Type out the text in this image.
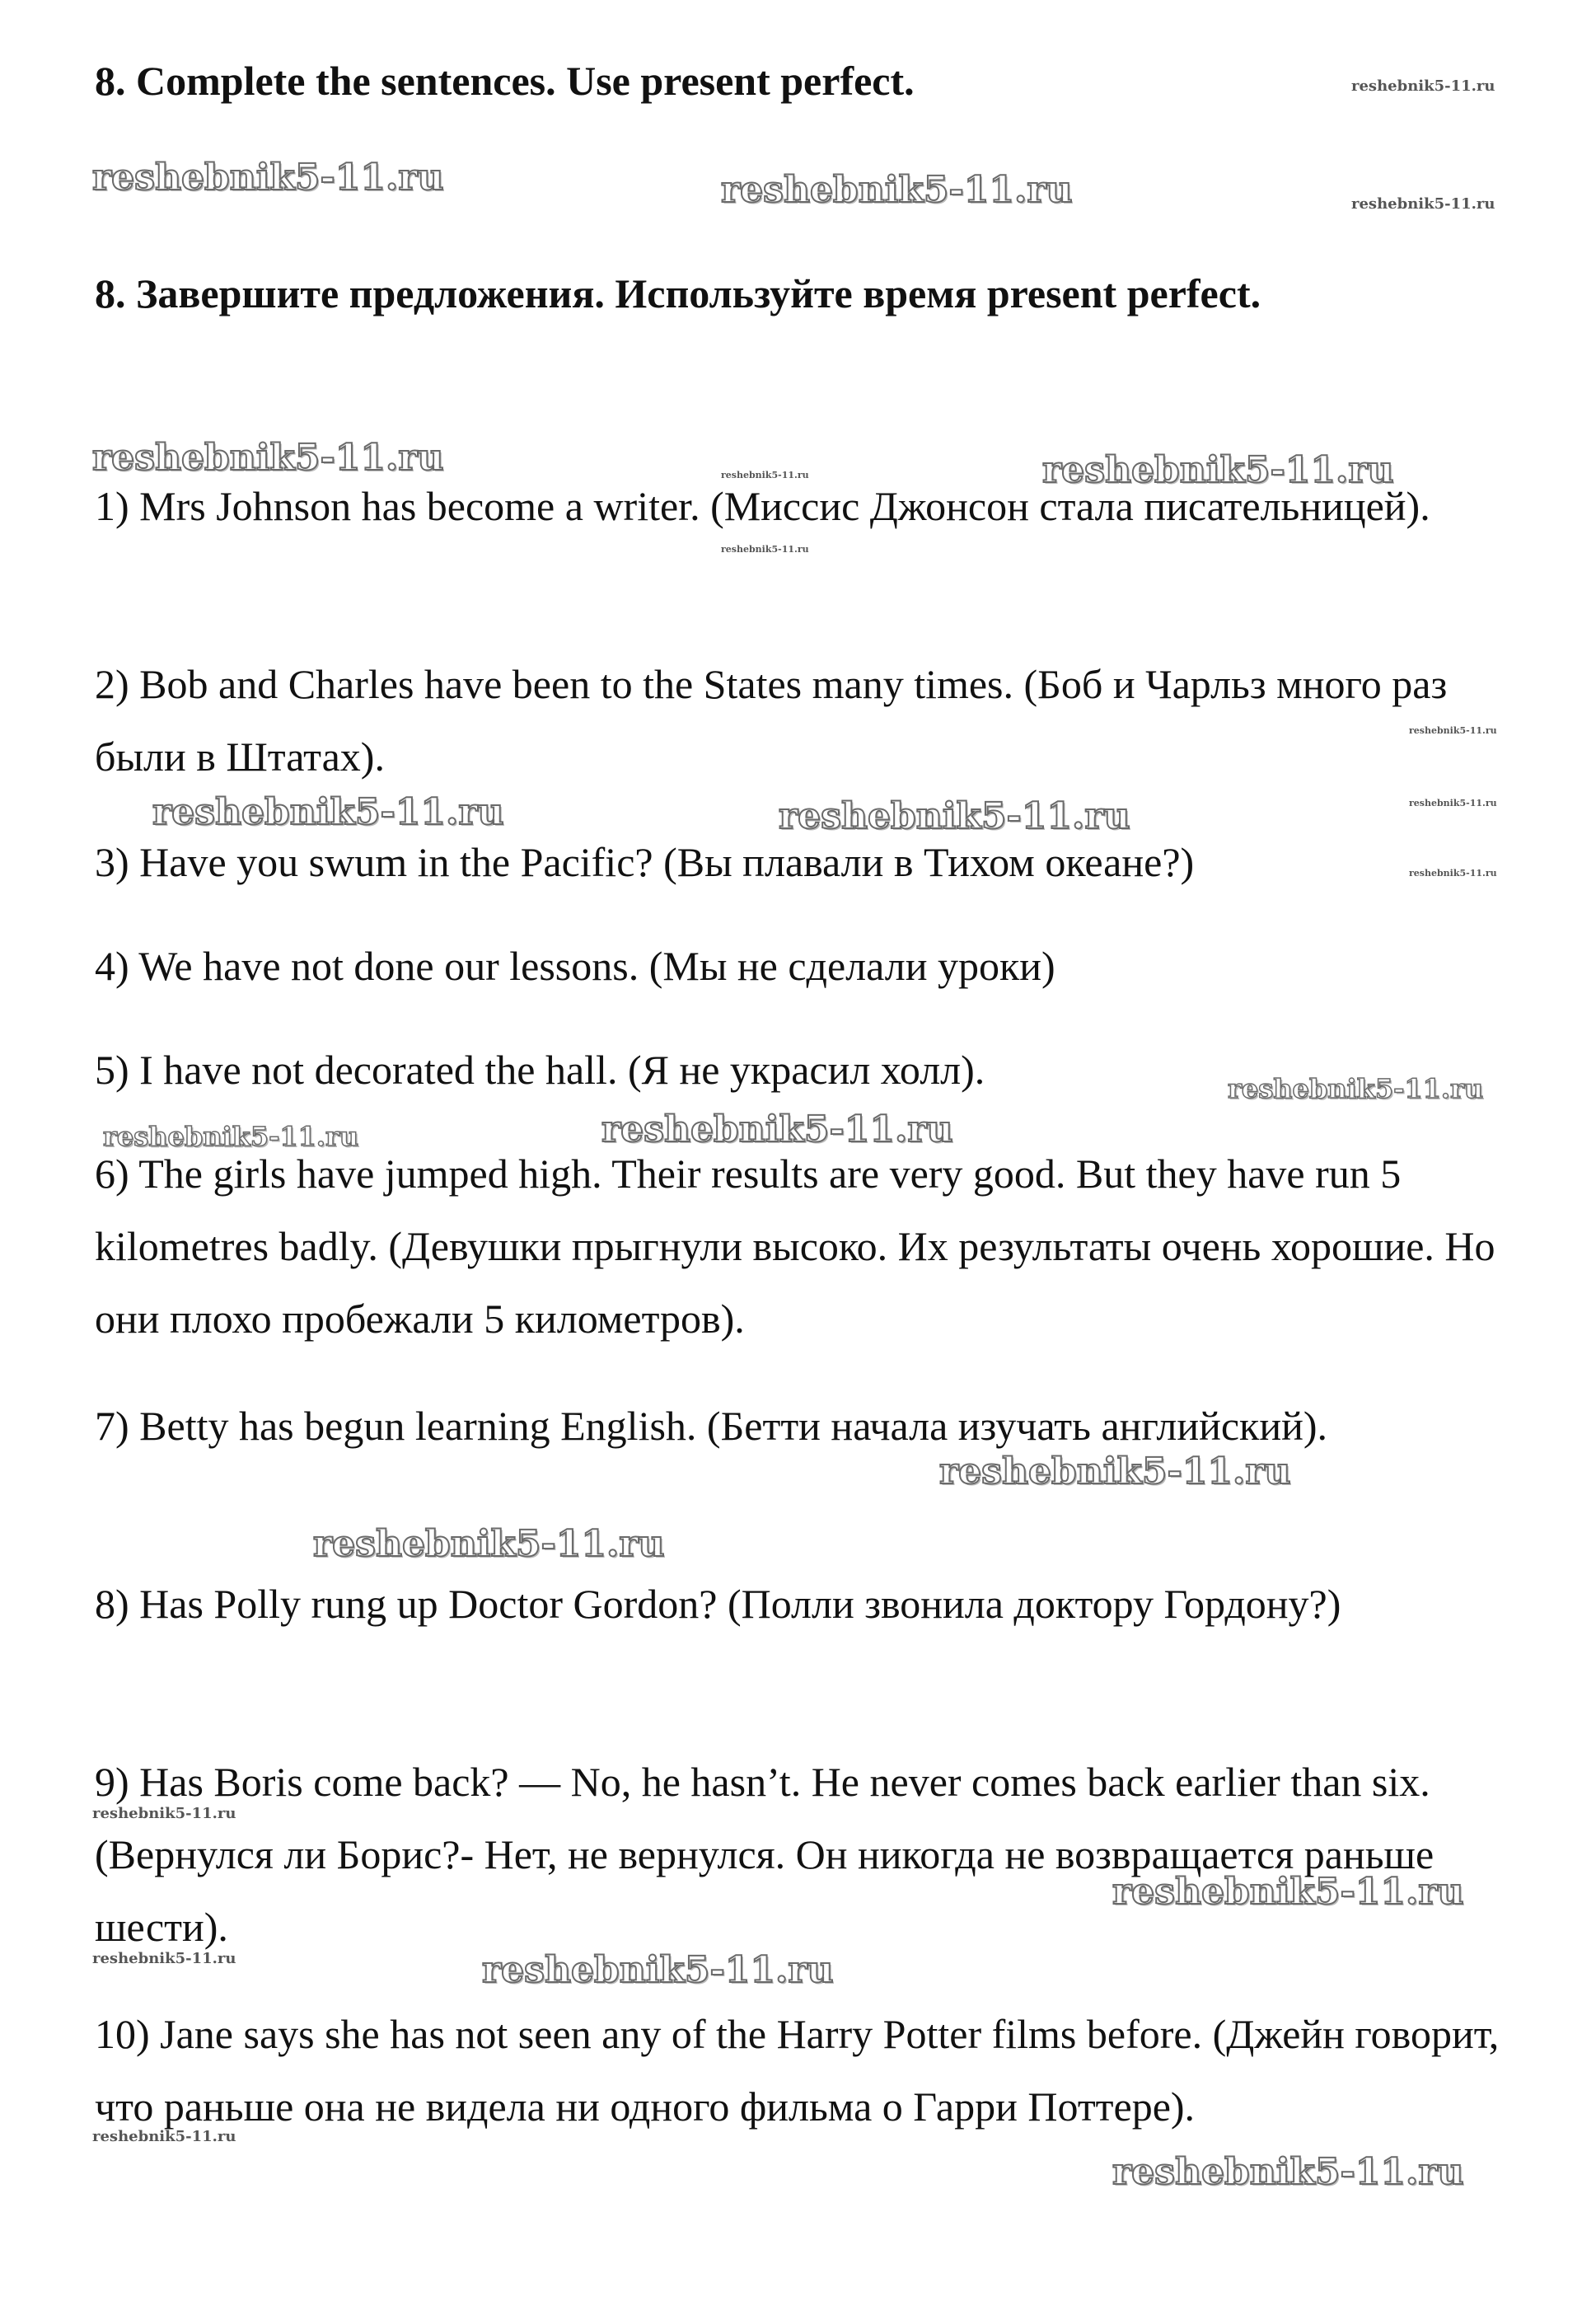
8. Complete the sentences. Use present perfect.
8. Завершите предложения. Используйте время present perfect.
1) Mrs Johnson has become a writer. (Миссис Джонсон стала писательницей).
2) Bob and Charles have been to the States many times. (Боб и Чарльз много раз были в Штатах).
3) Have you swum in the Pacific? (Вы плавали в Тихом океане?)
4) We have not done our lessons. (Мы не сделали уроки)
5) I have not decorated the hall. (Я не украсил холл).
6) The girls have jumped high. Their results are very good. But they have run 5 kilometres badly. (Девушки прыгнули высоко. Их результаты очень хорошие. Но они плохо пробежали 5 километров).
7) Betty has begun learning English. (Бетти начала изучать английский).
8) Has Polly rung up Doctor Gordon? (Полли звонила доктору Гордону?)
9) Has Boris come back? — No, he hasn’t. He never comes back earlier than six. (Вернулся ли Борис?- Нет, не вернулся. Он никогда не возвращается раньше шести).
10) Jane says she has not seen any of the Harry Potter films before. (Джейн говорит, что раньше она не видела ни одного фильма о Гарри Поттере).
reshebnik5-11.ru
reshebnik5-11.ru	reshebnik5-11.ru	reshebnik5-11.ru
reshebnik5-11.ru	reshebnik5-11.ru	reshebnik5-11.ru
reshebnik5-11.ru
reshebnik5-11.ru
reshebnik5-11.ru	reshebnik5-11.ru	reshebnik5-11.ru
reshebnik5-11.ru
reshebnik5-11.ru
reshebnik5-11.ru	reshebnik5-11.ru
reshebnik5-11.ru
reshebnik5-11.ru
reshebnik5-11.ru
reshebnik5-11.ru
reshebnik5-11.ru	reshebnik5-11.ru
reshebnik5-11.ru
reshebnik5-11.ru
